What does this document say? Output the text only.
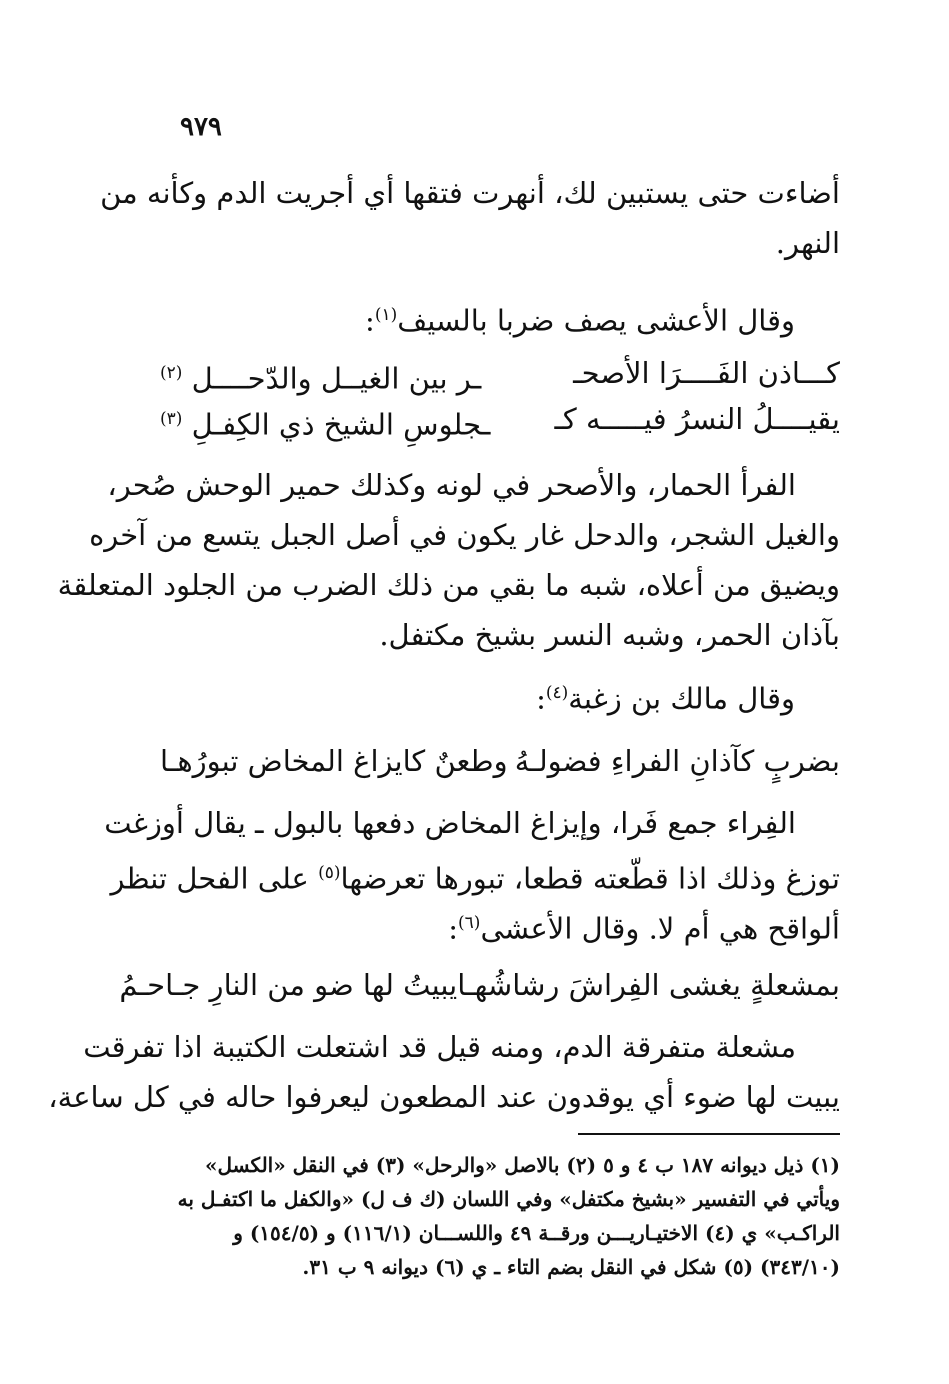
٩٧٩
أضاءت حتى يستبين لك، أنهرت فتقها أي أجريت الدم وكأنه من
النهر.
وقال الأعشى يصف ضربا بالسيف$^{(١)}$:
كـــاذن الفَــــرَا الأصحـ
ـر بين الغيــل والدّحــــل $^{(٢)}$
يقيــــلُ النسرُ فيـــــه كـ
ـجلوسِ الشيخ ذي الكِفـلِ $^{(٣)}$
الفرأ الحمار، والأصحر في لونه وكذلك حمير الوحش صُحر،
والغيل الشجر، والدحل غار يكون في أصل الجبل يتسع من آخره
ويضيق من أعلاه، شبه ما بقي من ذلك الضرب من الجلود المتعلقة
بآذان الحمر، وشبه النسر بشيخ مكتفل.
وقال مالك بن زغبة$^{(٤)}$:
بضربٍ كآذانِ الفراءِ فضولـهُ
وطعنٌ كايزاغ المخاض تبورُهـا
الفِراء جمع فَرا، وإيزاغ المخاض دفعها بالبول ـ يقال أوزغت
توزغ وذلك اذا قطّعته قطعا، تبورها تعرضها$^{(٥)}$ على الفحل تنظر
ألواقح هي أم لا. وقال الأعشى$^{(٦)}$:
بمشعلةٍ يغشى الفِراشَ رشاشُهـا
يبيتُ لها ضو من النارِ جـاحـمُ
مشعلة متفرقة الدم، ومنه قيل قد اشتعلت الكتيبة اذا تفرقت
يبيت لها ضوء أي يوقدون عند المطعون ليعرفوا حاله في كل ساعة،
(١) ذيل ديوانه ١٨٧ ب ٤ و ٥ (٢) بالاصل «والرحل» (٣) في النقل «الكسل»
ويأتي في التفسير «بشيخ مكتفل» وفي اللسان (ك ف ل) «والكفل ما اكتفـل به
الراكـب» ي (٤) الاختيـاريـــن ورقــة ٤٩ واللســـان (١١٦/١) و (١٥٤/٥) و
(٣٤٣/١٠) (٥) شكل في النقل بضم التاء ـ ي (٦) ديوانه ٩ ب ٣١.
